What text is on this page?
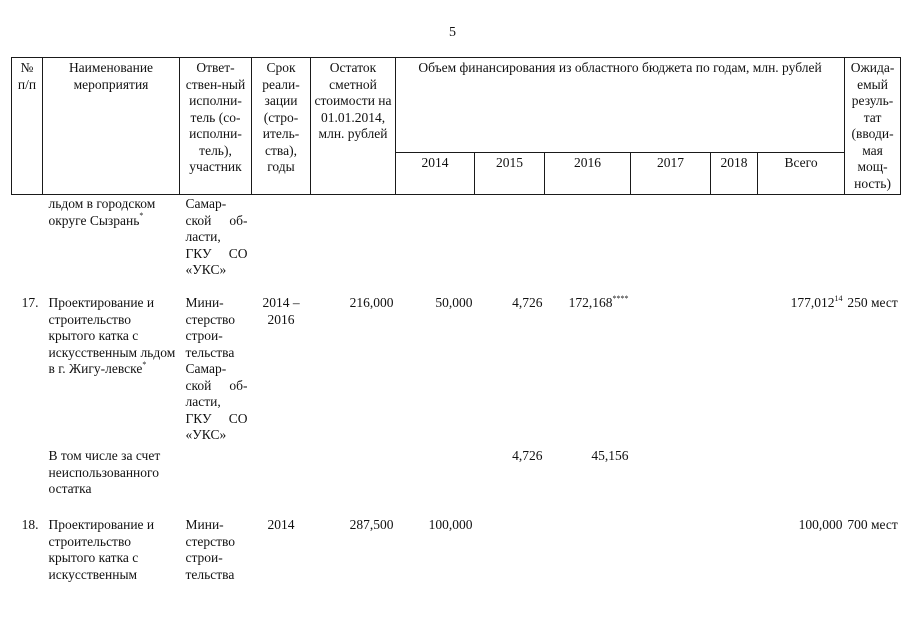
5
№ п/п	Наименование мероприятия	Ответ-ствен-ный исполни-тель (со-исполни-тель), участник	Срок реали-зации (стро-итель-ства), годы	Остаток сметной стоимости на 01.01.2014, млн. рублей	Объем финансирования из областного бюджета по годам, млн. рублей						Ожида-емый резуль-тат (вводи-мая мощ-ность)
					2014	2015	2016	2017	2018	Всего	
	льдом в городском округе Сызрань*	Самар-ской об-ласти, ГКУ СО «УКС»									
17.	Проектирование и строительство крытого катка с искусственным льдом в г. Жигу-левске*	Мини-стерство строи-тельства Самар-ской об-ласти, ГКУ СО «УКС»	2014 – 2016	216,000	50,000	4,726	172,168****			177,012$^{14}$	250 мест
	В том числе за счет неиспользованного остатка					4,726	45,156				
18.	Проектирование и строительство крытого катка с искусственным	Мини-стерство строи-тельства	2014	287,500	100,000					100,000	700 мест
